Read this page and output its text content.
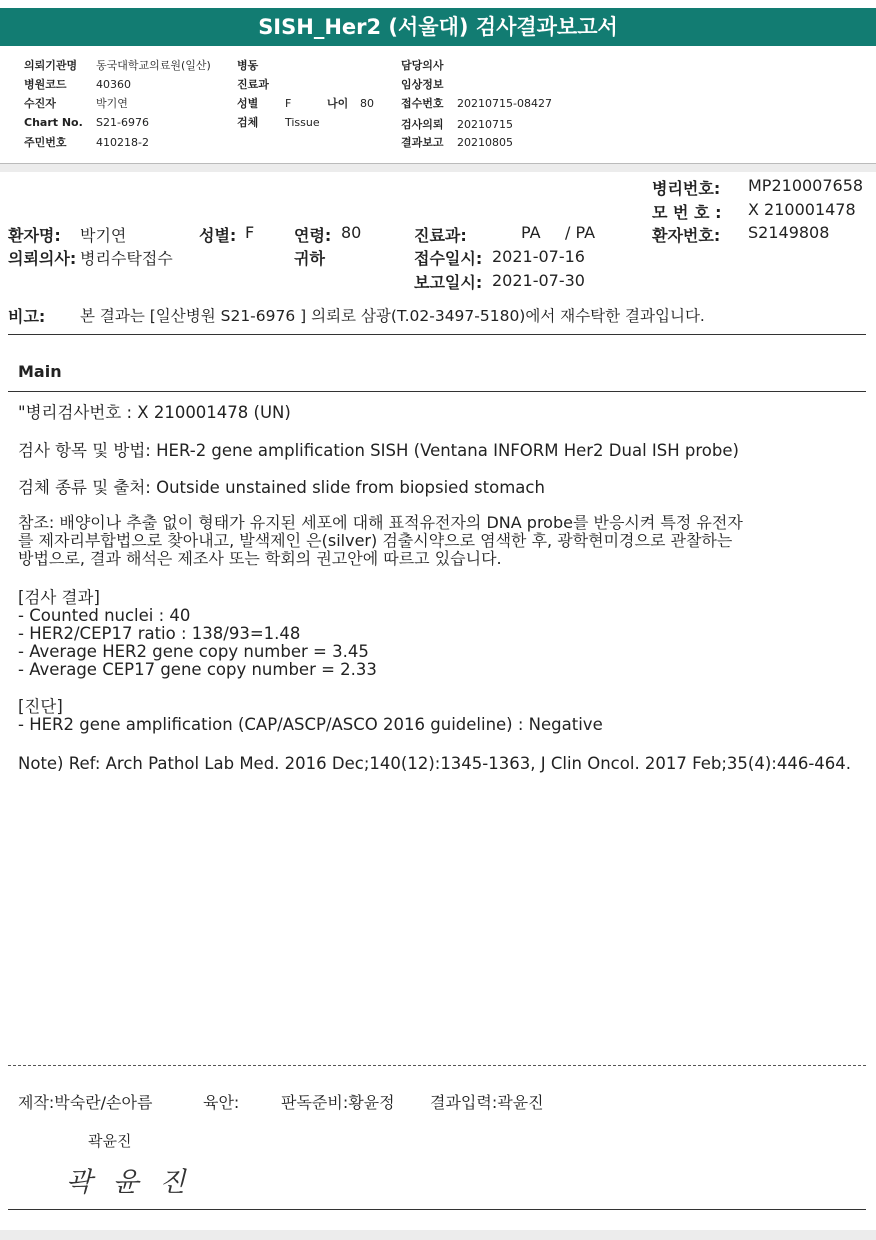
SISH_Her2 (서울대) 검사결과보고서
의뢰기관명 동국대학교의료원(일산) 병동	담당의사
병원코드	40360	진료과	임상정보
수진자	박기연	성별 F	나이 80 접수번호 20210715-08427
Chart No. S21-6976	검체 Tissue	검사의뢰 20210715
주민번호	410218-2	결과보고 20210805
병리번호: MP210007658
모 번 호 : X 210001478
환자번호: S2149808
환자명: 박기연	성별: F 연령: 80	진료과:	PA / PA
의뢰의사: 병리수탁접수	귀하	접수일시: 2021-07-16
보고일시: 2021-07-30
비고: 본 결과는 [일산병원 S21-6976 ] 의뢰로 삼광(T.02-3497-5180)에서 재수탁한 결과입니다.
Main
"병리검사번호 : X 210001478 (UN)
검사 항목 및 방법: HER-2 gene amplification SISH (Ventana INFORM Her2 Dual ISH probe)
검체 종류 및 출처: Outside unstained slide from biopsied stomach
참조: 배양이나 추출 없이 형태가 유지된 세포에 대해 표적유전자의 DNA probe를 반응시켜 특정 유전자
를 제자리부합법으로 찾아내고, 발색제인 은(silver) 검출시약으로 염색한 후, 광학현미경으로 관찰하는
방법으로, 결과 해석은 제조사 또는 학회의 권고안에 따르고 있습니다.
[검사 결과]
- Counted nuclei : 40
- HER2/CEP17 ratio : 138/93=1.48
- Average HER2 gene copy number = 3.45
- Average CEP17 gene copy number = 2.33
[진단]
- HER2 gene amplification (CAP/ASCP/ASCO 2016 guideline) : Negative
Note) Ref: Arch Pathol Lab Med. 2016 Dec;140(12):1345-1363, J Clin Oncol. 2017 Feb;35(4):446-464.
제작:박숙란/손아름	육안:	판독준비:황윤정 결과입력:곽윤진
곽윤진
곽 윤 진
